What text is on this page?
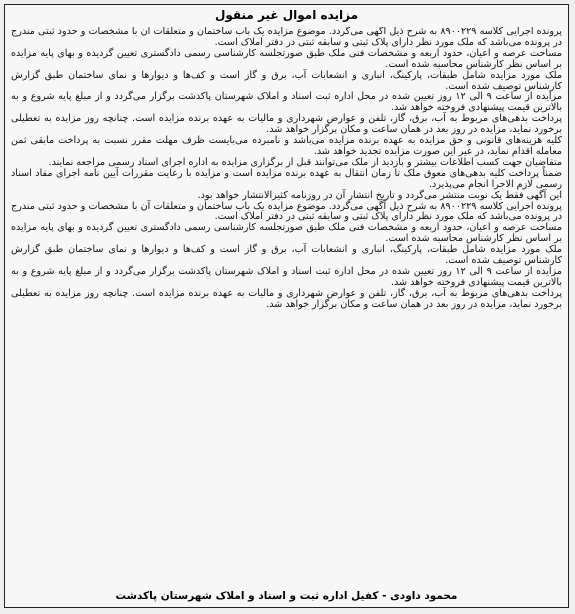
مزایده اموال غیر منقول

پرونده اجرایی کلاسه ۸۹۰۰۲۲۹ به شرح ذیل آگهی می‌گردد. موضوع مزایده یک باب ساختمان و متعلقات آن با مشخصات و حدود ثبتی مندرج در پرونده می‌باشد که ملک مورد نظر دارای پلاک ثبتی و سابقه ثبتی در دفتر املاک است.

مساحت عرصه و اعیان، حدود اربعه و مشخصات فنی ملک طبق صورتجلسه کارشناسی رسمی دادگستری تعیین گردیده و بهای پایه مزایده بر اساس نظر کارشناس محاسبه شده است.

ملک مورد مزایده شامل طبقات، پارکینگ، انباری و انشعابات آب، برق و گاز است و کف‌ها و دیوارها و نمای ساختمان طبق گزارش کارشناس توصیف شده است.

مزایده از ساعت ۹ الی ۱۲ روز تعیین شده در محل اداره ثبت اسناد و املاک شهرستان پاکدشت برگزار می‌گردد و از مبلغ پایه شروع و به بالاترین قیمت پیشنهادی فروخته خواهد شد.

پرداخت بدهی‌های مربوط به آب، برق، گاز، تلفن و عوارض شهرداری و مالیات به عهده برنده مزایده است. چنانچه روز مزایده به تعطیلی برخورد نماید، مزایده در روز بعد در همان ساعت و مکان برگزار خواهد شد.

کلیه هزینه‌های قانونی و حق مزایده به عهده برنده مزایده می‌باشد و نامبرده می‌بایست ظرف مهلت مقرر نسبت به پرداخت مابقی ثمن معامله اقدام نماید، در غیر این صورت مزایده تجدید خواهد شد.

متقاضیان جهت کسب اطلاعات بیشتر و بازدید از ملک می‌توانند قبل از برگزاری مزایده به اداره اجرای اسناد رسمی مراجعه نمایند.

ضمناً پرداخت کلیه بدهی‌های معوق ملک تا زمان انتقال به عهده برنده مزایده است و مزایده با رعایت مقررات آیین نامه اجرای مفاد اسناد رسمی لازم الاجرا انجام می‌پذیرد.

این آگهی فقط یک نوبت منتشر می‌گردد و تاریخ انتشار آن در روزنامه کثیرالانتشار خواهد بود.

پرونده اجرایی کلاسه ۸۹۰۰۲۲۹ به شرح ذیل آگهی می‌گردد. موضوع مزایده یک باب ساختمان و متعلقات آن با مشخصات و حدود ثبتی مندرج در پرونده می‌باشد که ملک مورد نظر دارای پلاک ثبتی و سابقه ثبتی در دفتر املاک است.

مساحت عرصه و اعیان، حدود اربعه و مشخصات فنی ملک طبق صورتجلسه کارشناسی رسمی دادگستری تعیین گردیده و بهای پایه مزایده بر اساس نظر کارشناس محاسبه شده است.

ملک مورد مزایده شامل طبقات، پارکینگ، انباری و انشعابات آب، برق و گاز است و کف‌ها و دیوارها و نمای ساختمان طبق گزارش کارشناس توصیف شده است.

مزایده از ساعت ۹ الی ۱۲ روز تعیین شده در محل اداره ثبت اسناد و املاک شهرستان پاکدشت برگزار می‌گردد و از مبلغ پایه شروع و به بالاترین قیمت پیشنهادی فروخته خواهد شد.

پرداخت بدهی‌های مربوط به آب، برق، گاز، تلفن و عوارض شهرداری و مالیات به عهده برنده مزایده است. چنانچه روز مزایده به تعطیلی برخورد نماید، مزایده در روز بعد در همان ساعت و مکان برگزار خواهد شد.

محمود داودی - کفیل اداره ثبت و اسناد و املاک شهرستان پاکدشت
